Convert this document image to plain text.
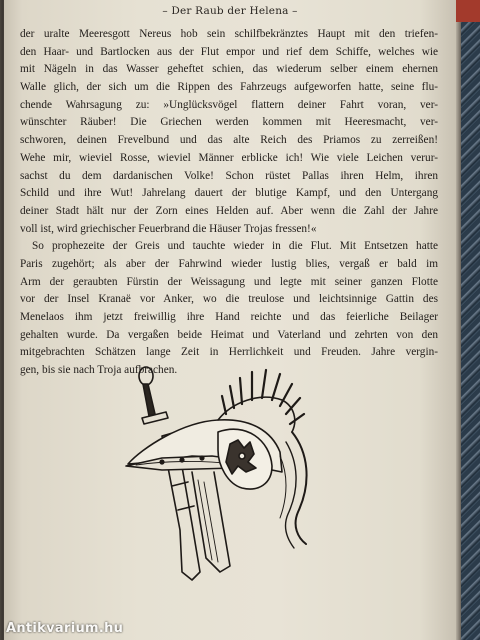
– Der Raub der Helena –
der uralte Meeresgott Nereus hob sein schilfbekränztes Haupt mit den triefen-
den Haar- und Bartlocken aus der Flut empor und rief dem Schiffe, welches wie
mit Nägeln in das Wasser geheftet schien, das wiederum selber einem ehernen
Walle glich, der sich um die Rippen des Fahrzeugs aufgeworfen hatte, seine flu-
chende Wahrsagung zu: »Unglücksvögel flattern deiner Fahrt voran, ver-
wünschter Räuber! Die Griechen werden kommen mit Heeresmacht, ver-
schworen, deinen Frevelbund und das alte Reich des Priamos zu zerreißen!
Wehe mir, wieviel Rosse, wieviel Männer erblicke ich! Wie viele Leichen verur-
sachst du dem dardanischen Volke! Schon rüstet Pallas ihren Helm, ihren
Schild und ihre Wut! Jahrelang dauert der blutige Kampf, und den Untergang
deiner Stadt hält nur der Zorn eines Helden auf. Aber wenn die Zahl der Jahre
voll ist, wird griechischer Feuerbrand die Häuser Trojas fressen!«
So prophezeite der Greis und tauchte wieder in die Flut. Mit Entsetzen hatte
Paris zugehört; als aber der Fahrwind wieder lustig blies, vergaß er bald im
Arm der geraubten Fürstin der Weissagung und legte mit seiner ganzen Flotte
vor der Insel Kranaë vor Anker, wo die treulose und leichtsinnige Gattin des
Menelaos ihm jetzt freiwillig ihre Hand reichte und das feierliche Beilager
gehalten wurde. Da vergaßen beide Heimat und Vaterland und zehrten von den
mitgebrachten Schätzen lange Zeit in Herrlichkeit und Freuden. Jahre vergin-
gen, bis sie nach Troja aufbrachen.
Antikvarium.hu
